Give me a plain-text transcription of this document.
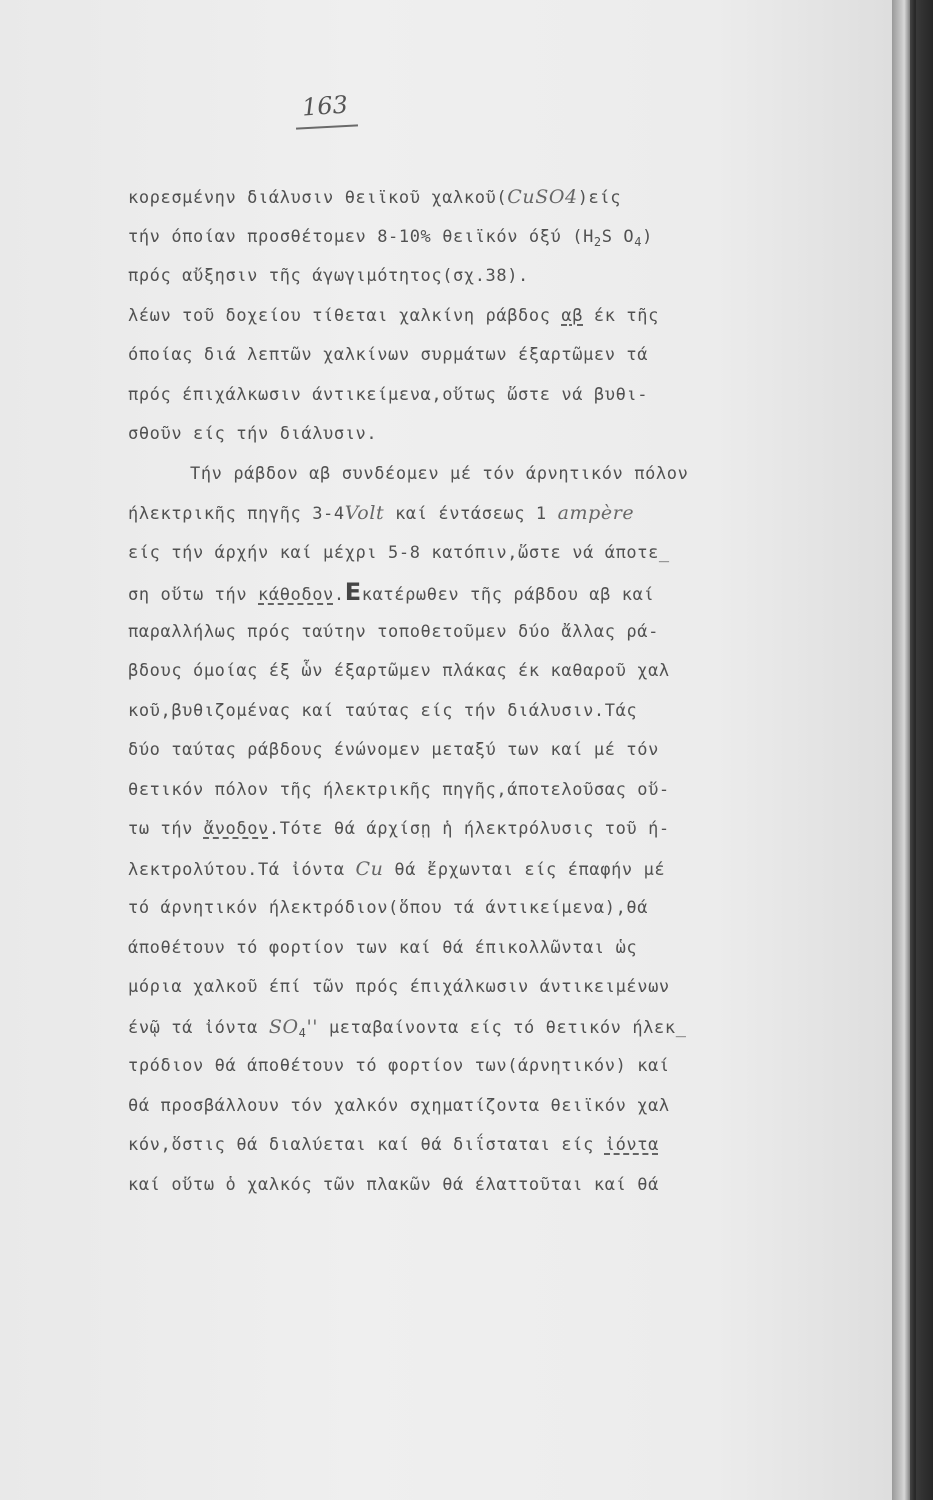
163
κορεσμένην διάλυσιν θειϊκοῦ χαλκοῦ(CuSO4)είς
τήν όποίαν προσθέτομεν 8-10% θειϊκόν όξύ ($H_2S$ $O_4$)
πρός αὔξησιν τῆς άγωγιμότητος(σχ.38).
λέων τοῦ δοχείου τίθεται χαλκίνη ράβδος αβ έκ τῆς
όποίας διά λεπτῶν χαλκίνων συρμάτων έξαρτῶμεν τά
πρός έπιχάλκωσιν άντικείμενα,οὕτως ὥστε νά βυθι-
σθοῦν είς τήν διάλυσιν.
Τήν ράβδον αβ συνδέομεν μέ τόν άρνητικόν πόλον
ήλεκτρικῆς πηγῆς 3-4Volt καί έντάσεως 1 ampère
είς τήν άρχήν καί μέχρι 5-8 κατόπιν,ὥστε νά άποτε_
ση οὕτω τήν κάθοδον.Eκατέρωθεν τῆς ράβδου αβ καί
παραλλήλως πρός ταύτην τοποθετοῦμεν δύο ἄλλας ρά-
βδους όμοίας έξ ὧν έξαρτῶμεν πλάκας έκ καθαροῦ χαλ
κοῦ,βυθιζομένας καί ταύτας είς τήν διάλυσιν.Τάς
δύο ταύτας ράβδους ένώνομεν μεταξύ των καί μέ τόν
θετικόν πόλον τῆς ήλεκτρικῆς πηγῆς,άποτελοῦσας οὕ-
τω τήν ἄνοδον.Τότε θά άρχίσῃ ἡ ήλεκτρόλυσις τοῦ ή-
λεκτρολύτου.Τά ἰόντα Cu θά ἔρχωνται είς έπαφήν μέ
τό άρνητικόν ήλεκτρόδιον(ὅπου τά άντικείμενα),θά
άποθέτουν τό φορτίον των καί θά έπικολλῶνται ὡς
μόρια χαλκοῦ έπί τῶν πρός έπιχάλκωσιν άντικειμένων
ένῷ τά ἰόντα $SO_4''$ μεταβαίνοντα είς τό θετικόν ήλεκ_
τρόδιον θά άποθέτουν τό φορτίον των(άρνητικόν) καί
θά προσβάλλουν τόν χαλκόν σχηματίζοντα θειϊκόν χαλ
κόν,ὅστις θά διαλύεται καί θά διΐσταται είς ἰόντα
καί οὕτω ὁ χαλκός τῶν πλακῶν θά έλαττοῦται καί θά
